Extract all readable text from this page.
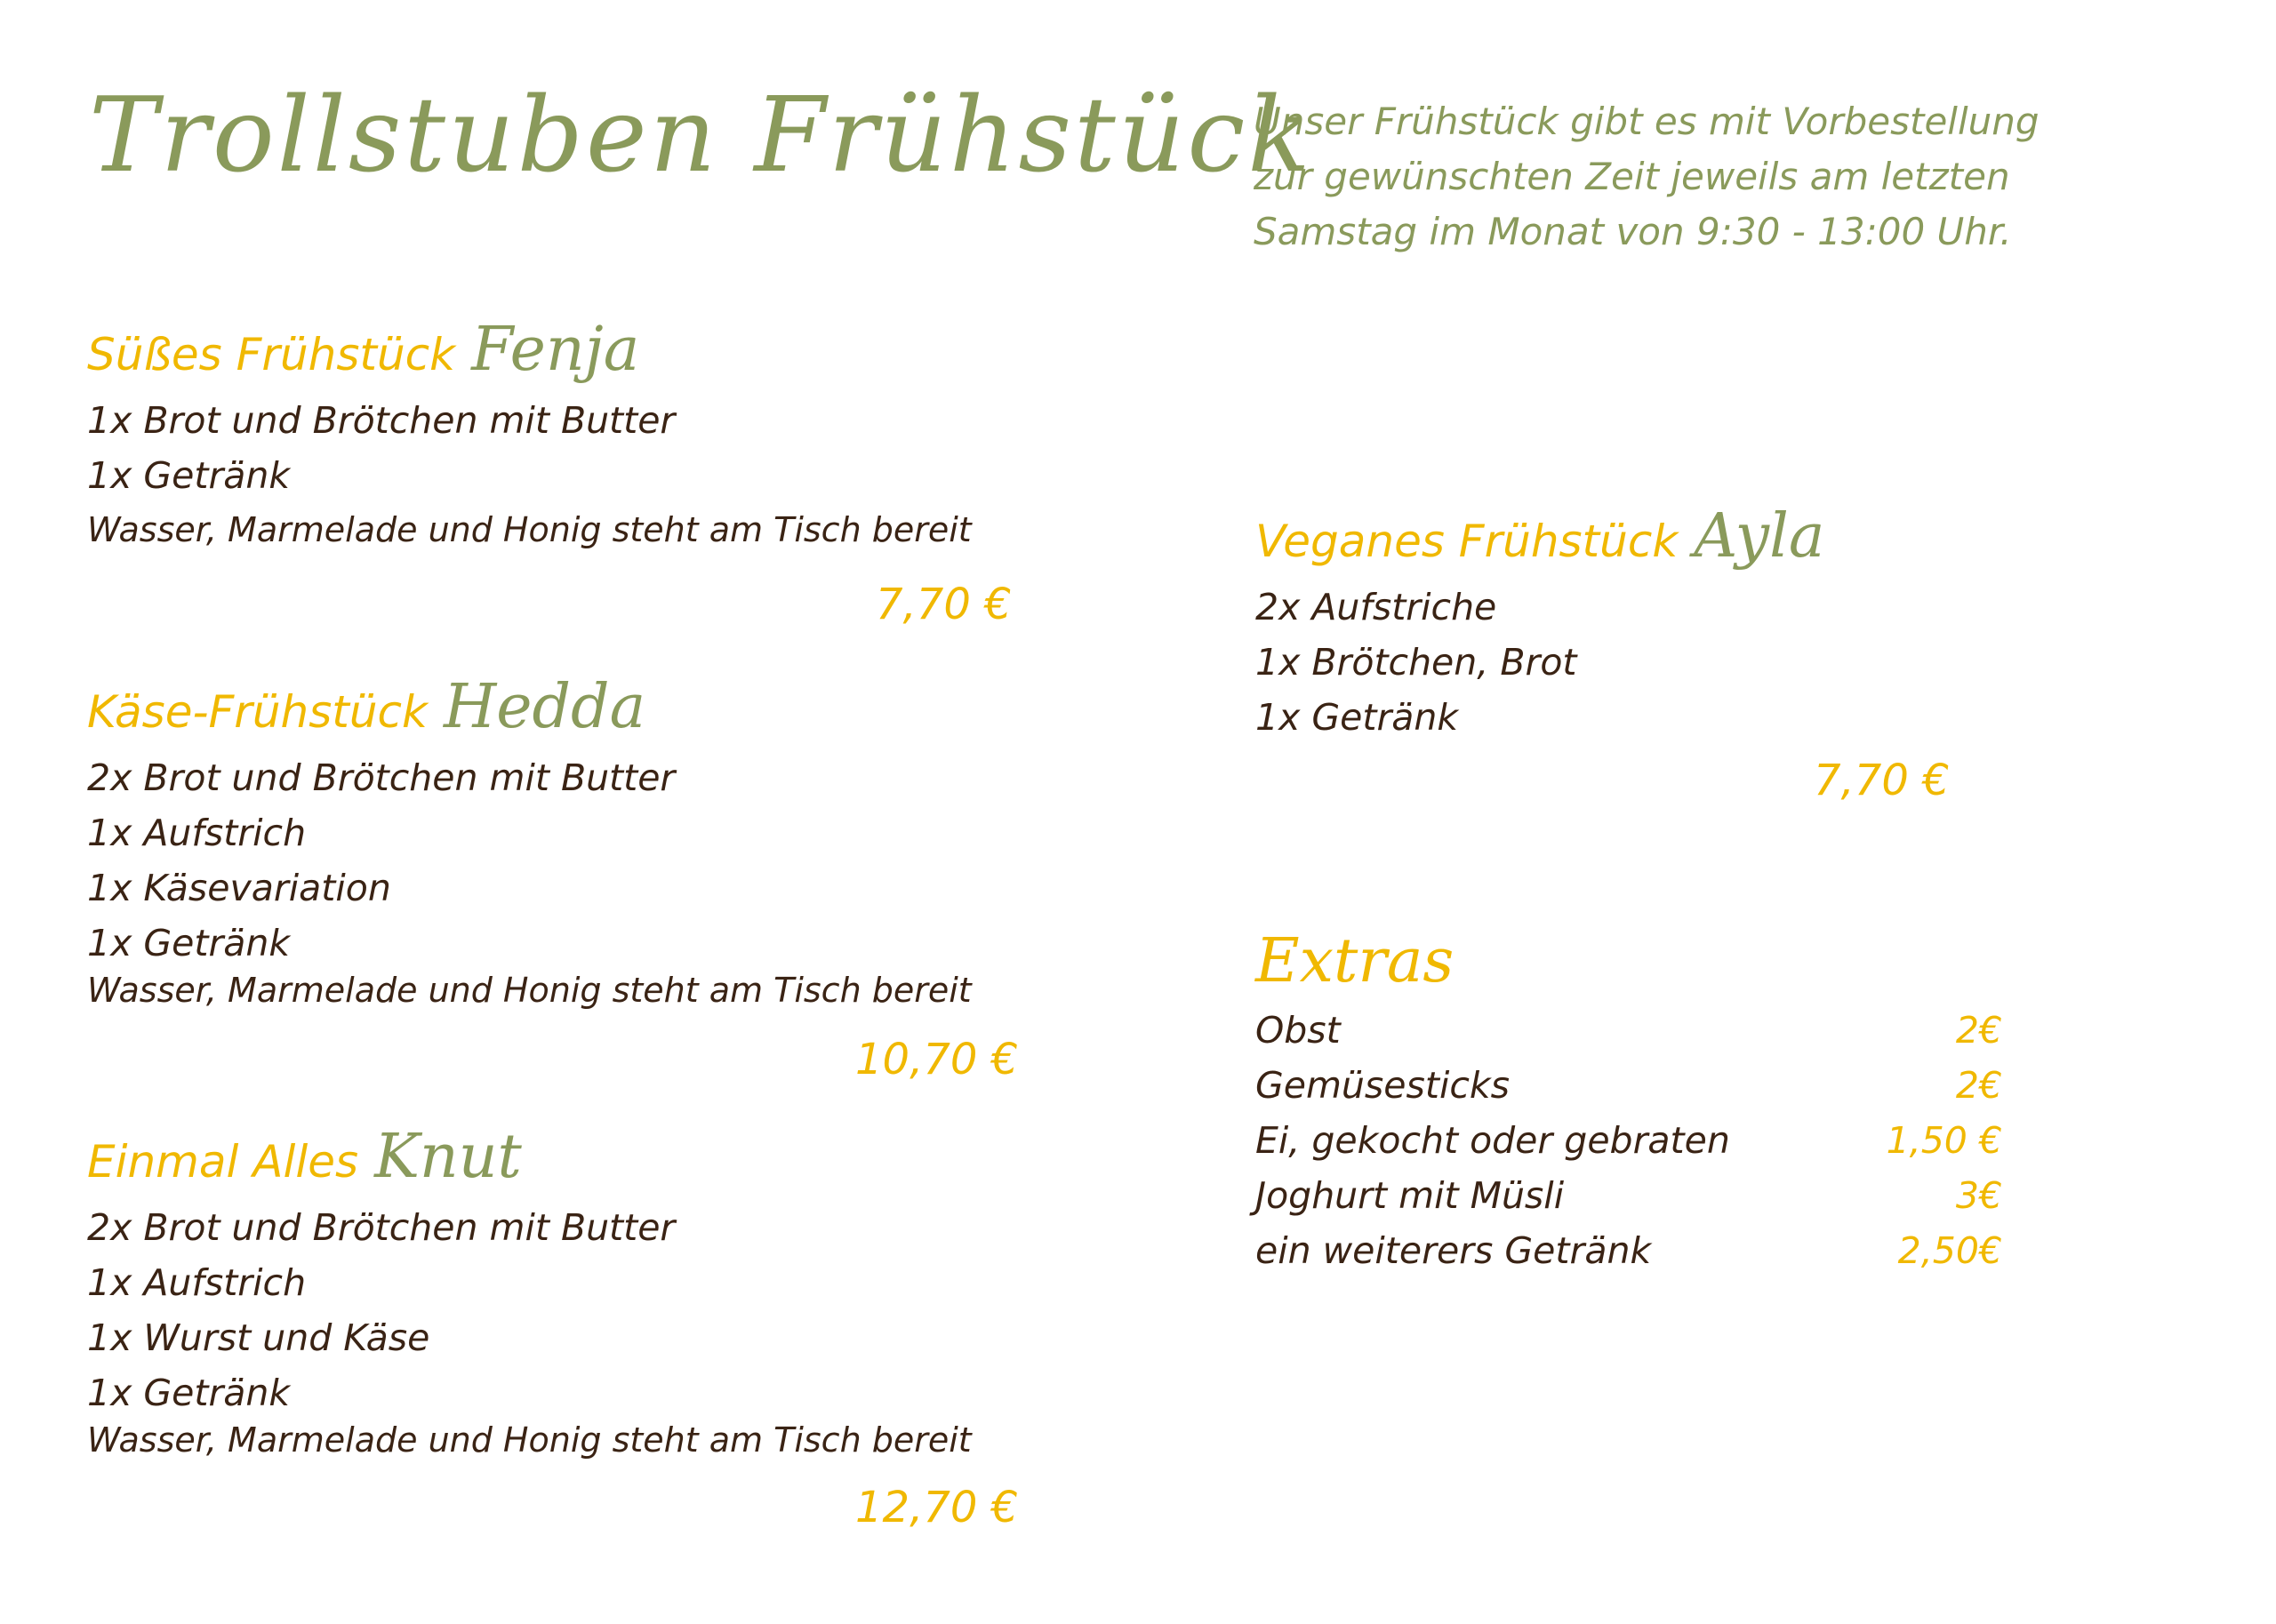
Trollstuben Frühstück
Unser Frühstück gibt es mit Vorbestellung
zur gewünschten Zeit jeweils am letzten
Samstag im Monat von 9:30 - 13:00 Uhr.
Süßes Frühstück Fenja
1x Brot und Brötchen mit Butter
1x Getränk
Wasser, Marmelade und Honig steht am Tisch bereit
7,70 €
Käse-Frühstück Hedda
2x Brot und Brötchen mit Butter
1x Aufstrich
1x Käsevariation
1x Getränk
Wasser, Marmelade und Honig steht am Tisch bereit
10,70 €
Einmal Alles Knut
2x Brot und Brötchen mit Butter
1x Aufstrich
1x Wurst und Käse
1x Getränk
Wasser, Marmelade und Honig steht am Tisch bereit
12,70 €
Veganes Frühstück Ayla
2x Aufstriche
1x Brötchen, Brot
1x Getränk
7,70 €
Extras
Obst	2€
Gemüsesticks	2€
Ei, gekocht oder gebraten	1,50 €
Joghurt mit Müsli	3€
ein weiterers Getränk	2,50€
